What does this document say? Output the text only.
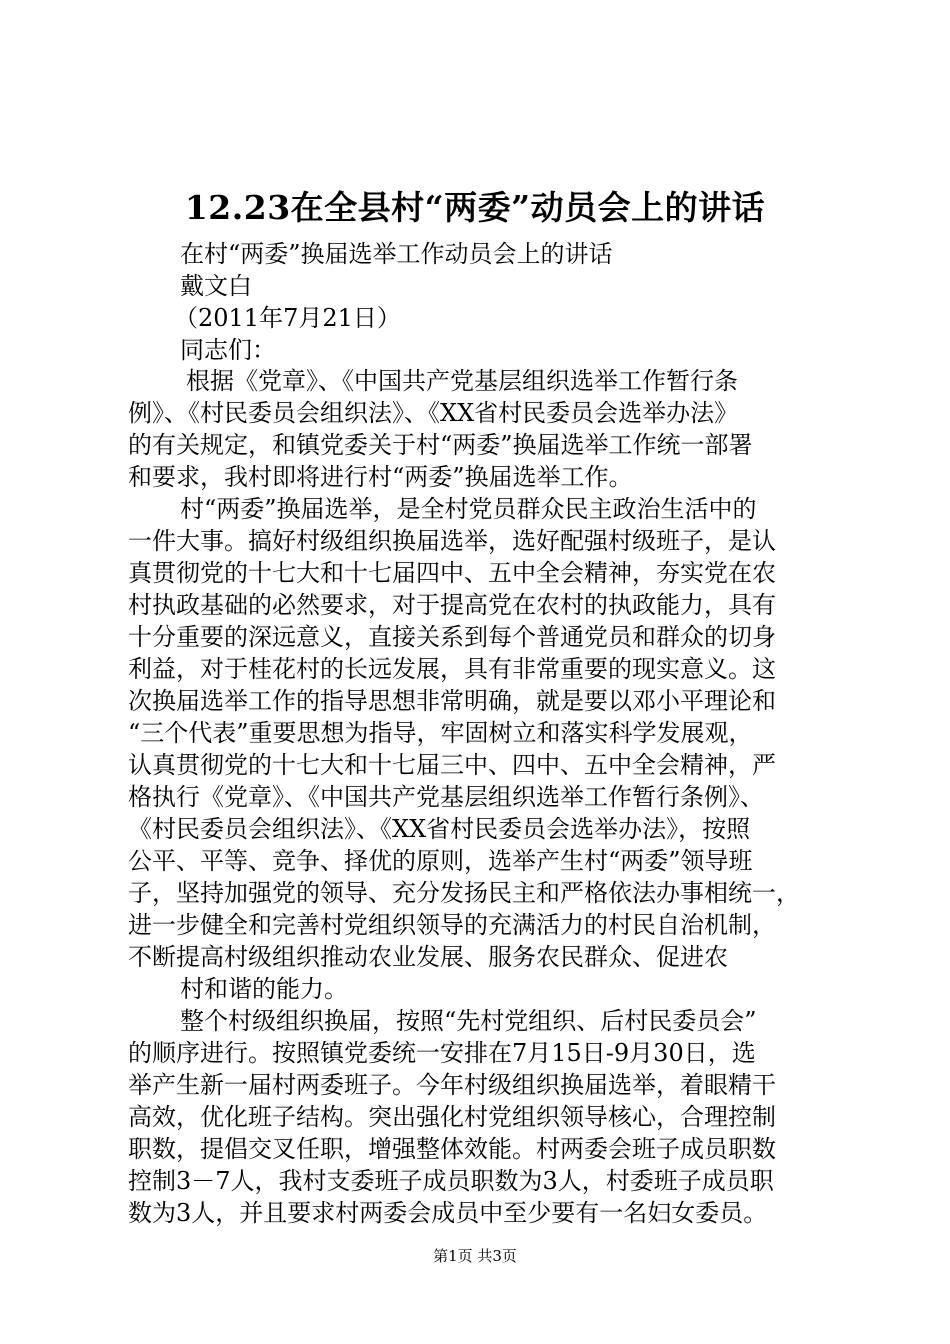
12.23在全县村“两委”动员会上的讲话
在村“两委”换届选举工作动员会上的讲话
戴文白
（2011年7月21日）
同志们：
根据《党章》、《中国共产党基层组织选举工作暂行条
例》、《村民委员会组织法》、《XX省村民委员会选举办法》
的有关规定，和镇党委关于村“两委”换届选举工作统一部署
和要求，我村即将进行村“两委”换届选举工作。
村“两委”换届选举，是全村党员群众民主政治生活中的
一件大事。搞好村级组织换届选举，选好配强村级班子，是认
真贯彻党的十七大和十七届四中、五中全会精神，夯实党在农
村执政基础的必然要求，对于提高党在农村的执政能力，具有
十分重要的深远意义，直接关系到每个普通党员和群众的切身
利益，对于桂花村的长远发展，具有非常重要的现实意义。这
次换届选举工作的指导思想非常明确，就是要以邓小平理论和
“三个代表”重要思想为指导，牢固树立和落实科学发展观，
认真贯彻党的十七大和十七届三中、四中、五中全会精神，严
格执行《党章》、《中国共产党基层组织选举工作暂行条例》、
《村民委员会组织法》、《XX省村民委员会选举办法》，按照
公平、平等、竞争、择优的原则，选举产生村“两委”领导班
子，坚持加强党的领导、充分发扬民主和严格依法办事相统一，
进一步健全和完善村党组织领导的充满活力的村民自治机制，
不断提高村级组织推动农业发展、服务农民群众、促进农
村和谐的能力。
整个村级组织换届，按照“先村党组织、后村民委员会”
的顺序进行。按照镇党委统一安排在7月15日-9月30日，选
举产生新一届村两委班子。今年村级组织换届选举，着眼精干
高效，优化班子结构。突出强化村党组织领导核心，合理控制
职数，提倡交叉任职，增强整体效能。村两委会班子成员职数
控制3－7人，我村支委班子成员职数为3人，村委班子成员职
数为3人，并且要求村两委会成员中至少要有一名妇女委员。
第1页 共3页
